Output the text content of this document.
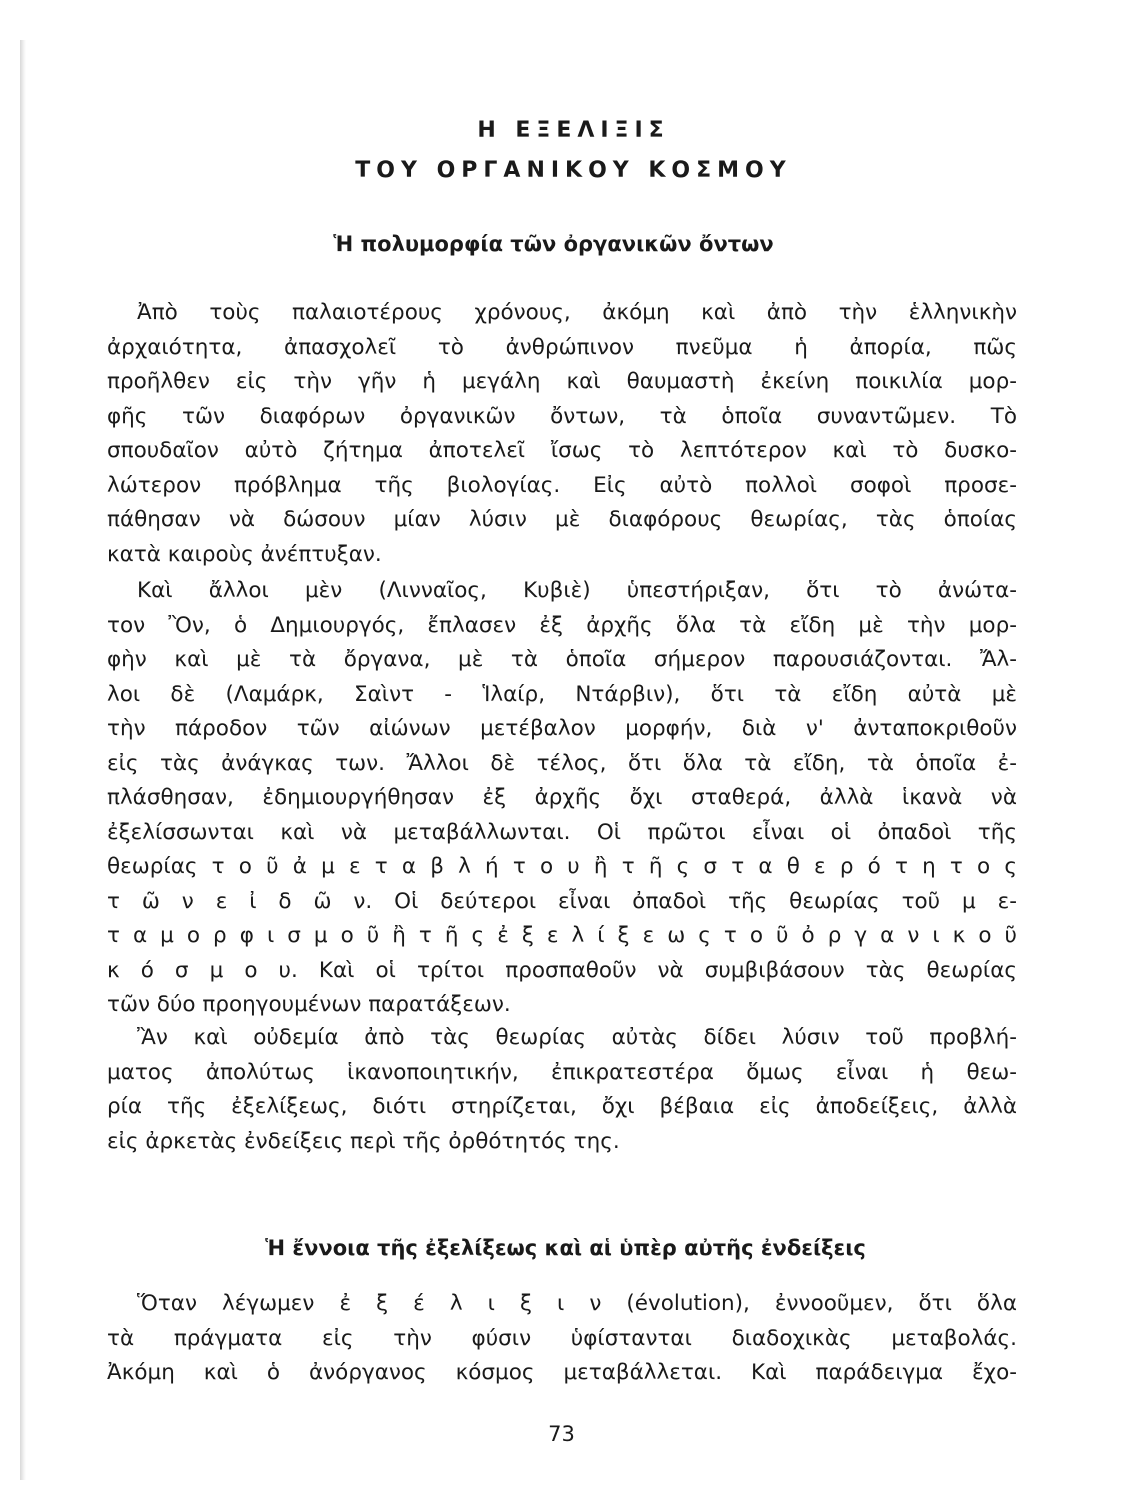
Η ΕΞΕΛΙΞΙΣ
ΤΟΥ ΟΡΓΑΝΙΚΟΥ ΚΟΣΜΟΥ
Ἡ πολυμορφία τῶν ὀργανικῶν ὄντων
Ἀπὸ τοὺς παλαιοτέρους χρόνους, ἀκόμη καὶ ἀπὸ τὴν ἑλληνικὴν
ἀρχαιότητα, ἀπασχολεῖ τὸ ἀνθρώπινον πνεῦμα ἡ ἀπορία, πῶς
προῆλθεν εἰς τὴν γῆν ἡ μεγάλη καὶ θαυμαστὴ ἐκείνη ποικιλία μορ-
φῆς τῶν διαφόρων ὀργανικῶν ὄντων, τὰ ὁποῖα συναντῶμεν. Τὸ
σπουδαῖον αὐτὸ ζήτημα ἀποτελεῖ ἴσως τὸ λεπτότερον καὶ τὸ δυσκο-
λώτερον πρόβλημα τῆς βιολογίας. Εἰς αὐτὸ πολλοὶ σοφοὶ προσε-
πάθησαν νὰ δώσουν μίαν λύσιν μὲ διαφόρους θεωρίας, τὰς ὁποίας
κατὰ καιροὺς ἀνέπτυξαν.
Καὶ ἄλλοι μὲν (Λινναῖος, Κυβιὲ) ὑπεστήριξαν, ὅτι τὸ ἀνώτα-
τον Ὂν, ὁ Δημιουργός, ἔπλασεν ἐξ ἀρχῆς ὅλα τὰ εἴδη μὲ τὴν μορ-
φὴν καὶ μὲ τὰ ὄργανα, μὲ τὰ ὁποῖα σήμερον παρουσιάζονται. Ἄλ-
λοι δὲ (Λαμάρκ, Σαὶντ - Ἱλαίρ, Ντάρβιν), ὅτι τὰ εἴδη αὐτὰ μὲ
τὴν πάροδον τῶν αἰώνων μετέβαλον μορφήν, διὰ ν' ἀνταποκριθοῦν
εἰς τὰς ἀνάγκας των. Ἄλλοι δὲ τέλος, ὅτι ὅλα τὰ εἴδη, τὰ ὁποῖα ἐ-
πλάσθησαν, ἐδημιουργήθησαν ἐξ ἀρχῆς ὄχι σταθερά, ἀλλὰ ἱκανὰ νὰ
ἐξελίσσωνται καὶ νὰ μεταβάλλωνται. Οἱ πρῶτοι εἶναι οἱ ὀπαδοὶ τῆς
θεωρίας τ ο ῦ ἀ μ ε τ α β λ ή τ ο υ ἢ τ ῆ ς σ τ α θ ε ρ ό τ η τ ο ς
τ ῶ ν ε ἰ δ ῶ ν. Οἱ δεύτεροι εἶναι ὀπαδοὶ τῆς θεωρίας τοῦ μ ε-
τ α μ ο ρ φ ι σ μ ο ῦ ἢ τ ῆ ς ἐ ξ ε λ ί ξ ε ω ς τ ο ῦ ὀ ρ γ α ν ι κ ο ῦ
κ ό σ μ ο υ. Καὶ οἱ τρίτοι προσπαθοῦν νὰ συμβιβάσουν τὰς θεωρίας
τῶν δύο προηγουμένων παρατάξεων.
Ἂν καὶ οὐδεμία ἀπὸ τὰς θεωρίας αὐτὰς δίδει λύσιν τοῦ προβλή-
ματος ἀπολύτως ἱκανοποιητικήν, ἐπικρατεστέρα ὅμως εἶναι ἡ θεω-
ρία τῆς ἐξελίξεως, διότι στηρίζεται, ὄχι βέβαια εἰς ἀποδείξεις, ἀλλὰ
εἰς ἀρκετὰς ἐνδείξεις περὶ τῆς ὀρθότητός της.
Ἡ ἔννοια τῆς ἐξελίξεως καὶ αἱ ὑπὲρ αὐτῆς ἐνδείξεις
Ὅταν λέγωμεν ἐ ξ έ λ ι ξ ι ν (évolution), ἐννοοῦμεν, ὅτι ὅλα
τὰ πράγματα εἰς τὴν φύσιν ὑφίστανται διαδοχικὰς μεταβολάς.
Ἀκόμη καὶ ὁ ἀνόργανος κόσμος μεταβάλλεται. Καὶ παράδειγμα ἔχο-
73
